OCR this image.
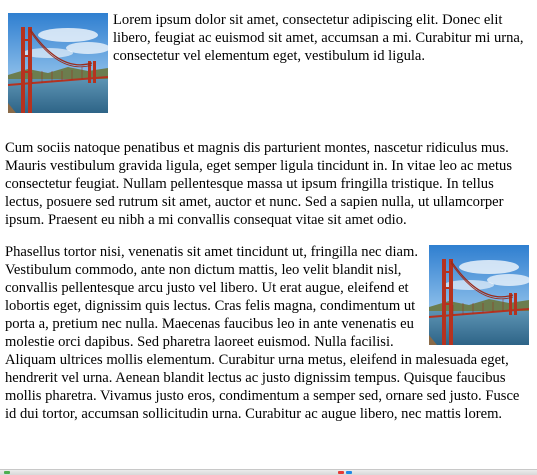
Lorem ipsum dolor sit amet, consectetur adipiscing elit. Donec elit libero, feugiat ac euismod sit amet, accumsan a mi. Curabitur mi urna, consectetur vel elementum eget, vestibulum id ligula.

Cum sociis natoque penatibus et magnis dis parturient montes, nascetur ridiculus mus. Mauris vestibulum gravida ligula, eget semper ligula tincidunt in. In vitae leo ac metus consectetur feugiat. Nullam pellentesque massa ut ipsum fringilla tristique. In tellus lectus, posuere sed rutrum sit amet, auctor et nunc. Sed a sapien nulla, ut ullamcorper ipsum. Praesent eu nibh a mi convallis consequat vitae sit amet odio.

Phasellus tortor nisi, venenatis sit amet tincidunt ut, fringilla nec diam. Vestibulum commodo, ante non dictum mattis, leo velit blandit nisl, convallis pellentesque arcu justo vel libero. Ut erat augue, eleifend et lobortis eget, dignissim quis lectus. Cras felis magna, condimentum ut porta a, pretium nec nulla. Maecenas faucibus leo in ante venenatis eu molestie orci dapibus. Sed pharetra laoreet euismod. Nulla facilisi. Aliquam ultrices mollis elementum. Curabitur urna metus, eleifend in malesuada eget, hendrerit vel urna. Aenean blandit lectus ac justo dignissim tempus. Quisque faucibus mollis pharetra. Vivamus justo eros, condimentum a semper sed, ornare sed justo. Fusce id dui tortor, accumsan sollicitudin urna. Curabitur ac augue libero, nec mattis lorem.
